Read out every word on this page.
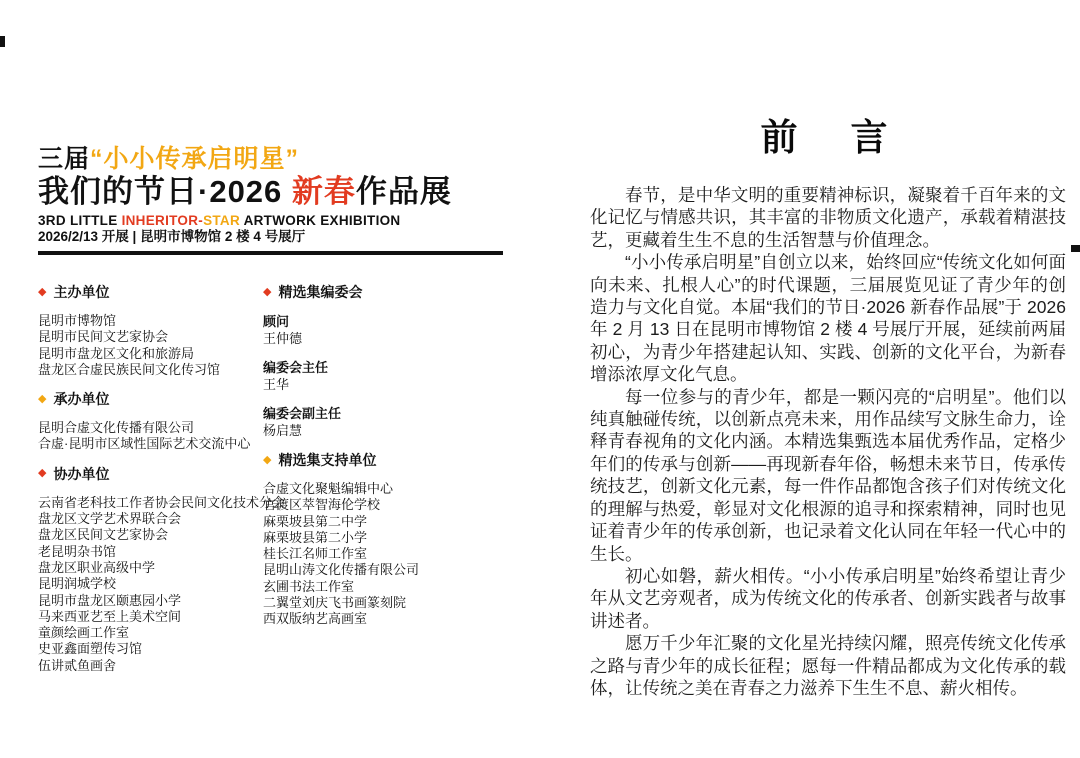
三届“小小传承启明星”
我们的节日·2026 新春作品展
3RD LITTLE INHERITOR-STAR ARTWORK EXHIBITION
2026/2/13 开展 | 昆明市博物馆 2 楼 4 号展厅
◆ 主办单位
昆明市博物馆
昆明市民间文艺家协会
昆明市盘龙区文化和旅游局
盘龙区合虚民族民间文化传习馆
◆ 承办单位
昆明合虚文化传播有限公司
合虚·昆明市区域性国际艺术交流中心
◆ 协办单位
云南省老科技工作者协会民间文化技术分会
盘龙区文学艺术界联合会
盘龙区民间文艺家协会
老昆明杂书馆
盘龙区职业高级中学
昆明润城学校
昆明市盘龙区颐惠园小学
马来西亚艺至上美术空间
童颜绘画工作室
史亚鑫面塑传习馆
伍讲贰鱼画舍
◆ 精选集编委会
顾问
王仲德
编委会主任
王华
编委会副主任
杨启慧
◆ 精选集支持单位
合虚文化聚魁编辑中心
官渡区萃智海伦学校
麻栗坡县第二中学
麻栗坡县第二小学
桂长江名师工作室
昆明山涛文化传播有限公司
玄圃书法工作室
二翼堂刘庆飞书画篆刻院
西双版纳艺高画室
前　言

春节，是中华文明的重要精神标识，凝聚着千百年来的文化记忆与情感共识，其丰富的非物质文化遗产，承载着精湛技艺，更藏着生生不息的生活智慧与价值理念。

“小小传承启明星”自创立以来，始终回应“传统文化如何面向未来、扎根人心”的时代课题，三届展览见证了青少年的创造力与文化自觉。本届“我们的节日·2026 新春作品展”于 2026 年 2 月 13 日在昆明市博物馆 2 楼 4 号展厅开展，延续前两届初心，为青少年搭建起认知、实践、创新的文化平台，为新春增添浓厚文化气息。

每一位参与的青少年，都是一颗闪亮的“启明星”。他们以纯真触碰传统，以创新点亮未来，用作品续写文脉生命力，诠释青春视角的文化内涵。本精选集甄选本届优秀作品，定格少年们的传承与创新——再现新春年俗，畅想未来节日，传承传统技艺，创新文化元素，每一件作品都饱含孩子们对传统文化的理解与热爱，彰显对文化根源的追寻和探索精神，同时也见证着青少年的传承创新，也记录着文化认同在年轻一代心中的生长。

初心如磐，薪火相传。“小小传承启明星”始终希望让青少年从文艺旁观者，成为传统文化的传承者、创新实践者与故事讲述者。

愿万千少年汇聚的文化星光持续闪耀，照亮传统文化传承之路与青少年的成长征程；愿每一件精品都成为文化传承的载体，让传统之美在青春之力滋养下生生不息、薪火相传。
